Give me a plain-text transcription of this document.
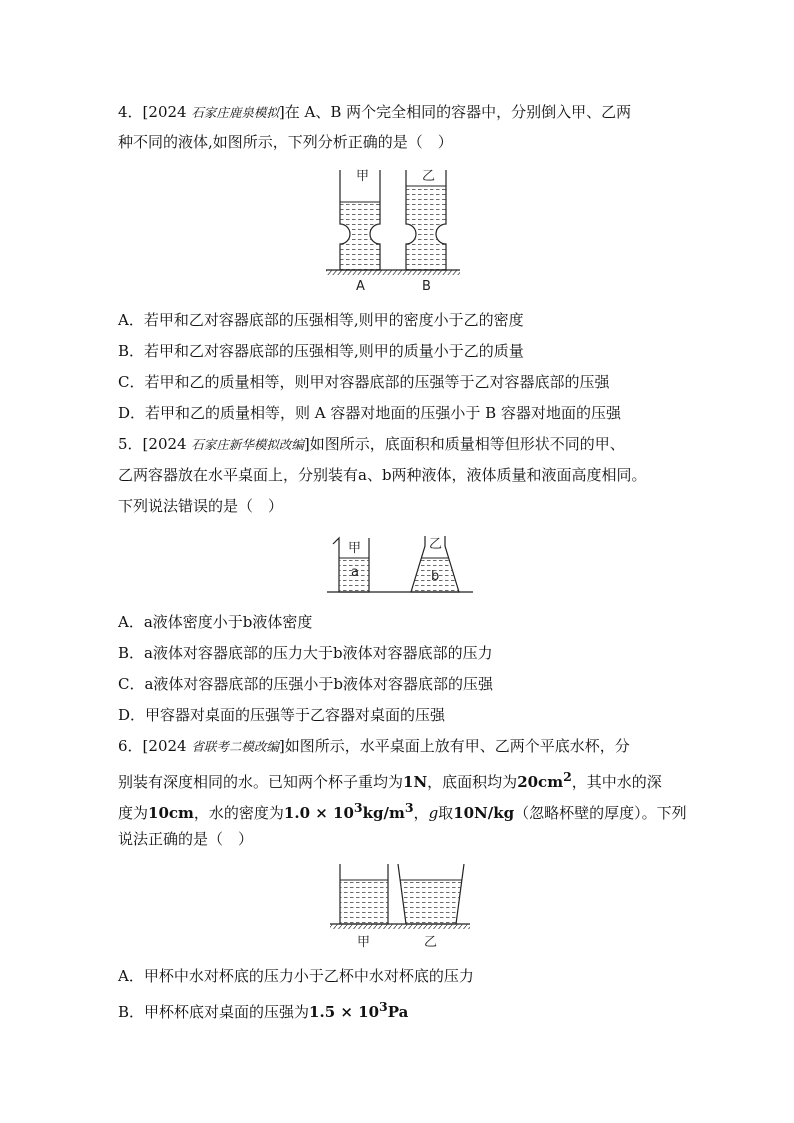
4．[2024 石家庄鹿泉模拟]在 A、B 两个完全相同的容器中，分别倒入甲、乙两
种不同的液体,如图所示，下列分析正确的是（　）
甲	乙
A	B
A．若甲和乙对容器底部的压强相等,则甲的密度小于乙的密度
B．若甲和乙对容器底部的压强相等,则甲的质量小于乙的质量
C．若甲和乙的质量相等，则甲对容器底部的压强等于乙对容器底部的压强
D．若甲和乙的质量相等，则 A 容器对地面的压强小于 B 容器对地面的压强
5．[2024 石家庄新华模拟改编]如图所示，底面积和质量相等但形状不同的甲、
乙两容器放在水平桌面上，分别装有a、b两种液体，液体质量和液面高度相同。
下列说法错误的是（　）
甲
a
乙
b
A．a液体密度小于b液体密度
B．a液体对容器底部的压力大于b液体对容器底部的压力
C．a液体对容器底部的压强小于b液体对容器底部的压强
D．甲容器对桌面的压强等于乙容器对桌面的压强
6．[2024 省联考二模改编]如图所示，水平桌面上放有甲、乙两个平底水杯，分
别装有深度相同的水。已知两个杯子重均为1N，底面积均为$20cm^2$，其中水的深
度为10cm，水的密度为$1.0 \times 10^3kg/m^3$，g取10N/kg（忽略杯壁的厚度）。下列
说法正确的是（　）
甲	乙
A．甲杯中水对杯底的压力小于乙杯中水对杯底的压力
B．甲杯杯底对桌面的压强为$1.5 \times 10^3Pa$
